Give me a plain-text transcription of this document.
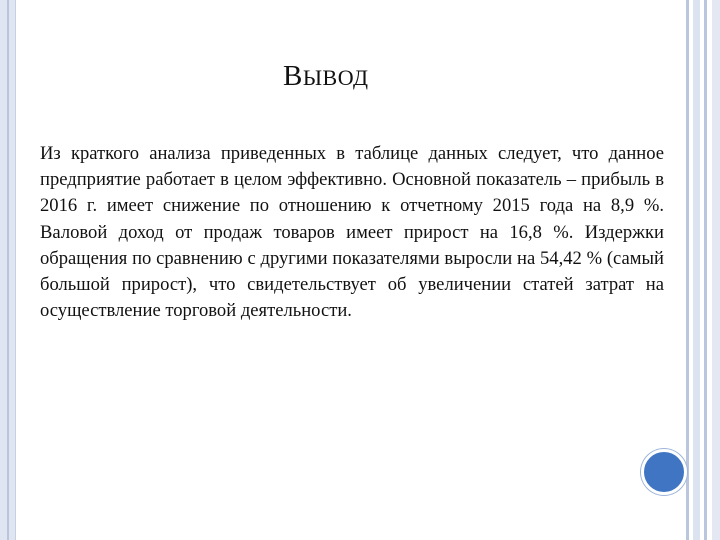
ВЫВОД

Из краткого анализа приведенных в таблице данных следует, что данное предприятие работает в целом эффективно. Основной показатель – прибыль в 2016 г. имеет снижение по отношению к отчетному 2015 года на 8,9 %. Валовой доход от продаж товаров имеет прирост на 16,8 %. Издержки обращения по сравнению с другими показателями выросли на 54,42 % (самый большой прирост), что свидетельствует об увеличении статей затрат на осуществление торговой деятельности.
